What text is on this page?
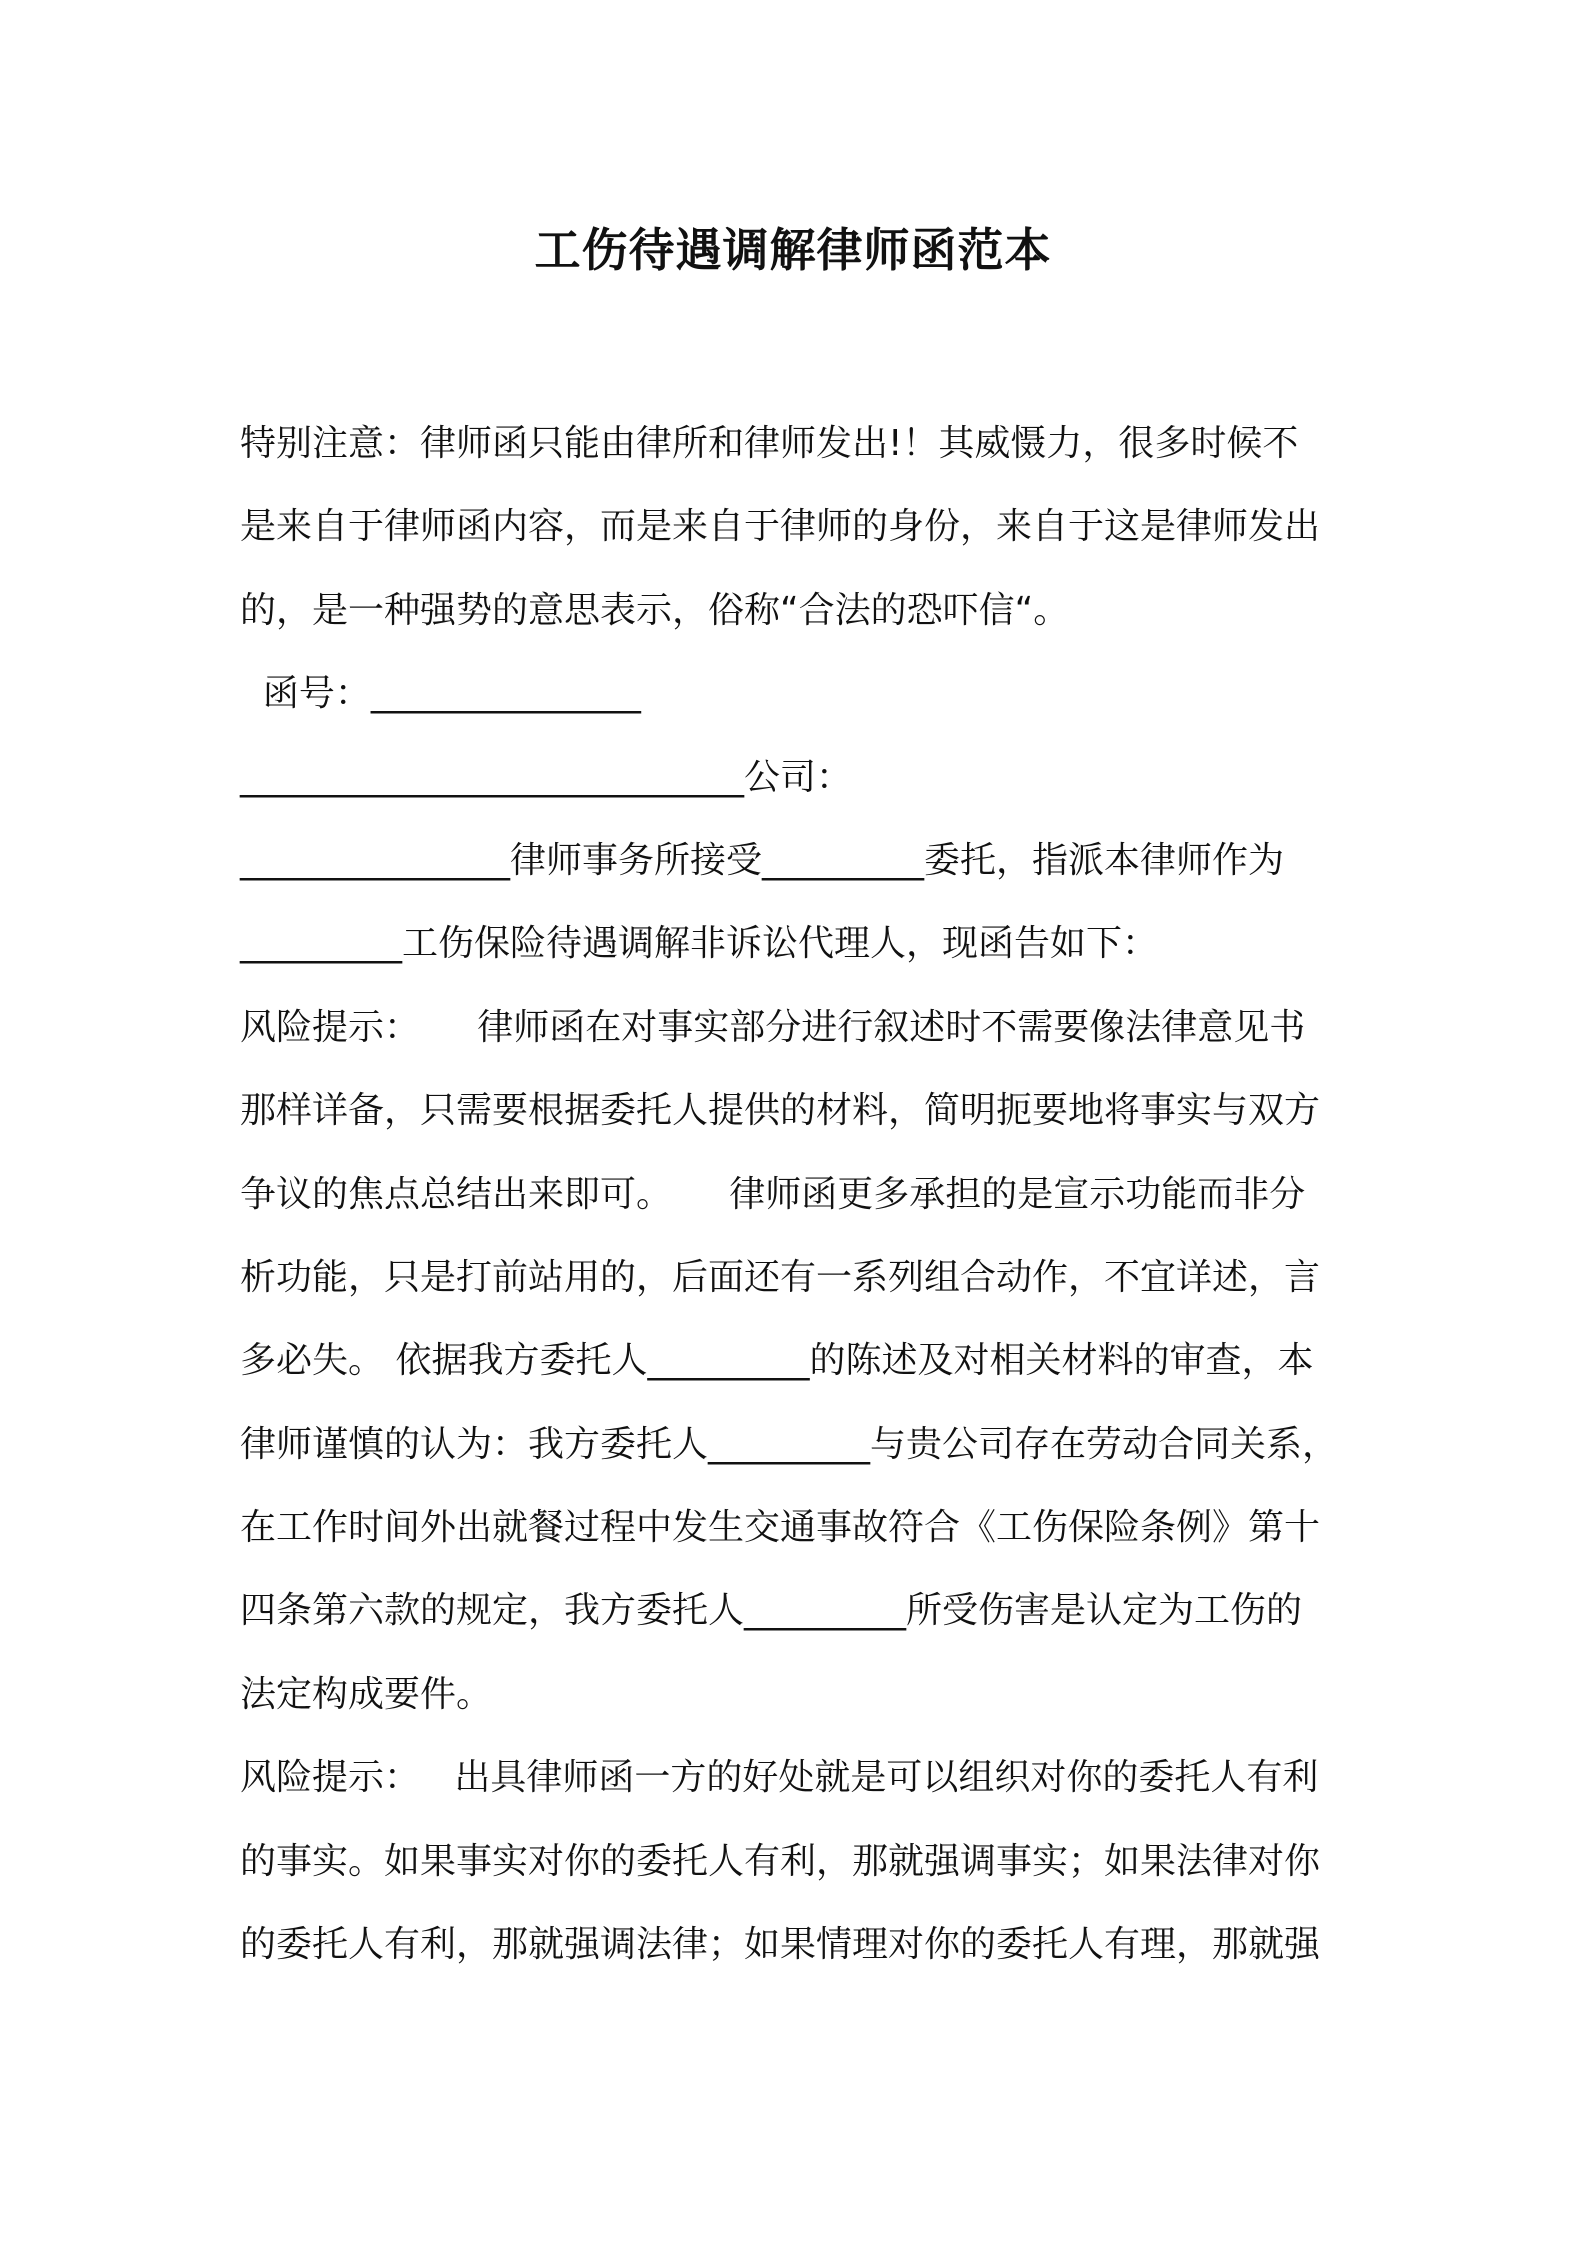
工伤待遇调解律师函范本
特别注意：律师函只能由律所和律师发出!！其威慑力，很多时候不
是来自于律师函内容，而是来自于律师的身份，来自于这是律师发出
的，是一种强势的意思表示，俗称“合法的恐吓信“。
函号：_______________
____________________________公司：
_______________律师事务所接受_________委托，指派本律师作为
_________工伤保险待遇调解非诉讼代理人，现函告如下：
风险提示：     律师函在对事实部分进行叙述时不需要像法律意见书
那样详备，只需要根据委托人提供的材料，简明扼要地将事实与双方
争议的焦点总结出来即可。     律师函更多承担的是宣示功能而非分
析功能，只是打前站用的，后面还有一系列组合动作，不宜详述，言
多必失。 依据我方委托人_________的陈述及对相关材料的审查，本
律师谨慎的认为：我方委托人_________与贵公司存在劳动合同关系，
在工作时间外出就餐过程中发生交通事故符合《工伤保险条例》第十
四条第六款的规定，我方委托人_________所受伤害是认定为工伤的
法定构成要件。
风险提示：   出具律师函一方的好处就是可以组织对你的委托人有利
的事实。如果事实对你的委托人有利，那就强调事实；如果法律对你
的委托人有利，那就强调法律；如果情理对你的委托人有理，那就强
